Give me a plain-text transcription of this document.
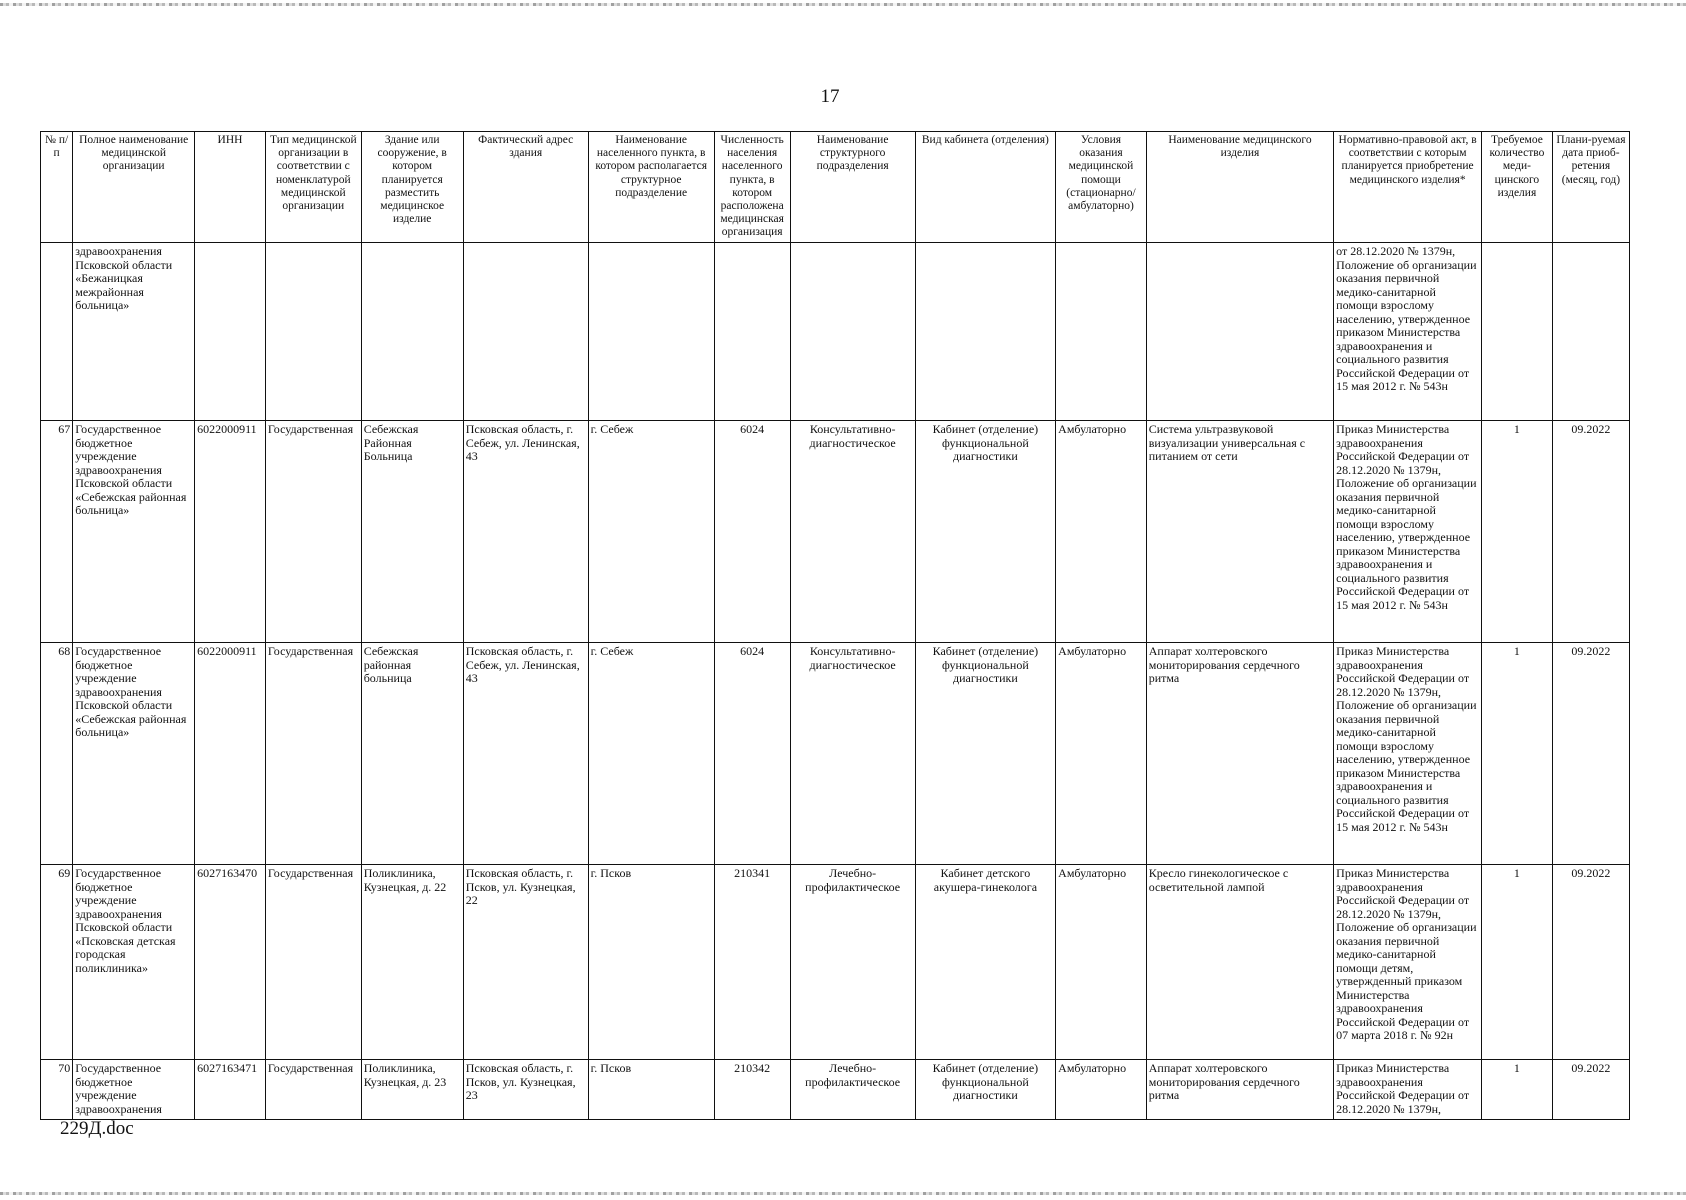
17
№ п/п	Полное наименование медицинской организации	ИНН	Тип медицинской организации в соответствии с номенклатурой медицинской организации	Здание или сооружение, в котором планируется разместить медицинское изделие	Фактический адрес здания	Наименование населенного пункта, в котором располагается структурное подразделение	Численность населения населенного пункта, в котором расположена медицинская организация	Наименование структурного подразделения	Вид кабинета (отделения)	Условия оказания медицинской помощи (стационарно/ амбулаторно)	Наименование медицинского изделия	Нормативно-правовой акт, в соответствии с которым планируется приобретение медицинского изделия*	Требуемое количество меди-цинского изделия	Плани-руемая дата приоб-ретения (месяц, год)
	здравоохранения Псковской области «Бежаницкая межрайонная больница»											от 28.12.2020 № 1379н, Положение об организации оказания первичной медико-санитарной помощи взрослому населению, утвержденное приказом Министерства здравоохранения и социального развития Российской Федерации от 15 мая 2012 г. № 543н		
67	Государственное бюджетное учреждение здравоохранения Псковской области «Себежская районная больница»	6022000911	Государственная	Себежская Районная Больница	Псковская область, г. Себеж, ул. Ленинская, 43	г. Себеж	6024	Консультативно-диагностическое	Кабинет (отделение) функциональной диагностики	Амбулаторно	Система ультразвуковой визуализации универсальная с питанием от сети	Приказ Министерства здравоохранения Российской Федерации от 28.12.2020 № 1379н, Положение об организации оказания первичной медико-санитарной помощи взрослому населению, утвержденное приказом Министерства здравоохранения и социального развития Российской Федерации от 15 мая 2012 г. № 543н	1	09.2022
68	Государственное бюджетное учреждение здравоохранения Псковской области «Себежская районная больница»	6022000911	Государственная	Себежская районная больница	Псковская область, г. Себеж, ул. Ленинская, 43	г. Себеж	6024	Консультативно-диагностическое	Кабинет (отделение) функциональной диагностики	Амбулаторно	Аппарат холтеровского мониторирования сердечного ритма	Приказ Министерства здравоохранения Российской Федерации от 28.12.2020 № 1379н, Положение об организации оказания первичной медико-санитарной помощи взрослому населению, утвержденное приказом Министерства здравоохранения и социального развития Российской Федерации от 15 мая 2012 г. № 543н	1	09.2022
69	Государственное бюджетное учреждение здравоохранения Псковской области «Псковская детская городская поликлиника»	6027163470	Государственная	Поликлиника, Кузнецкая, д. 22	Псковская область, г. Псков, ул. Кузнецкая, 22	г. Псков	210341	Лечебно-профилактическое	Кабинет детского акушера-гинеколога	Амбулаторно	Кресло гинекологическое с осветительной лампой	Приказ Министерства здравоохранения Российской Федерации от 28.12.2020 № 1379н, Положение об организации оказания первичной медико-санитарной помощи детям, утвержденный приказом Министерства здравоохранения Российской Федерации от 07 марта 2018 г. № 92н	1	09.2022
70	Государственное бюджетное учреждение здравоохранения	6027163471	Государственная	Поликлиника, Кузнецкая, д. 23	Псковская область, г. Псков, ул. Кузнецкая, 23	г. Псков	210342	Лечебно-профилактическое	Кабинет (отделение) функциональной диагностики	Амбулаторно	Аппарат холтеровского мониторирования сердечного ритма	Приказ Министерства здравоохранения Российской Федерации от 28.12.2020 № 1379н,	1	09.2022
229Д.doc
